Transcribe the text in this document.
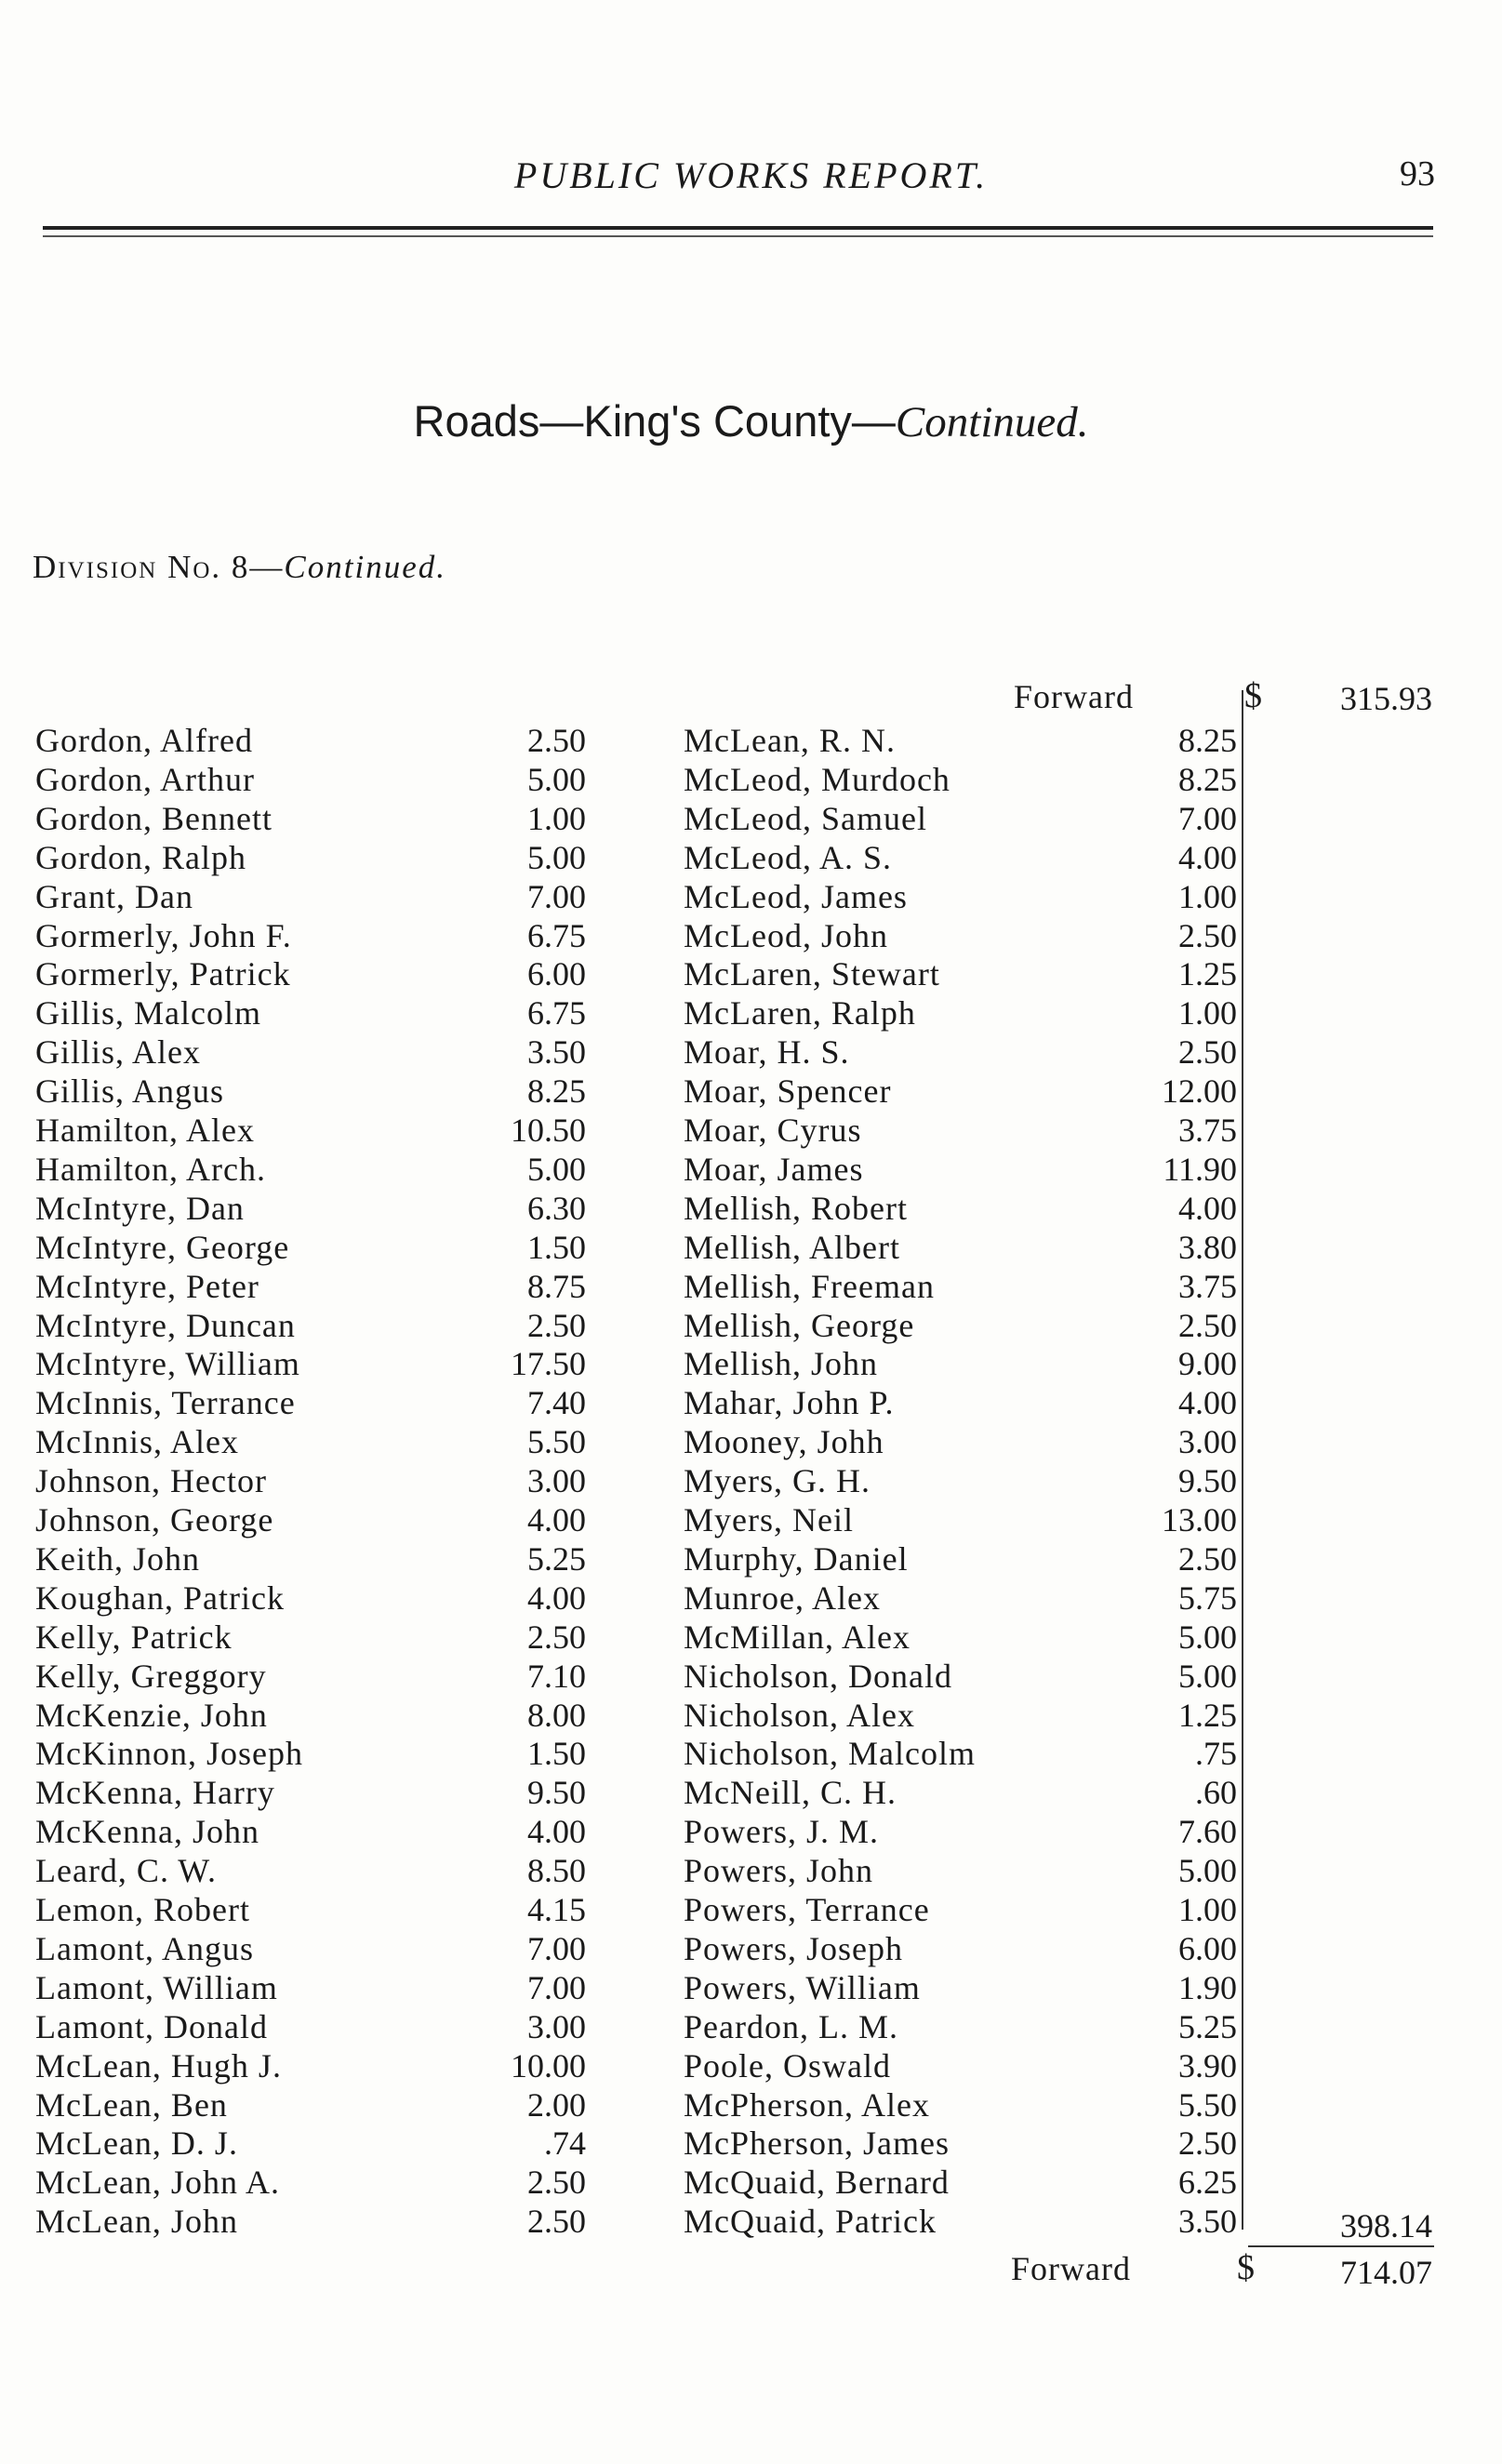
PUBLIC WORKS REPORT.	93
Roads—King's County—Continued.
Division No. 8—Continued.
Forward	$	315.93
Gordon, Alfred	2.50
Gordon, Arthur	5.00
Gordon, Bennett	1.00
Gordon, Ralph	5.00
Grant, Dan	7.00
Gormerly, John F.	6.75
Gormerly, Patrick	6.00
Gillis, Malcolm	6.75
Gillis, Alex	3.50
Gillis, Angus	8.25
Hamilton, Alex	10.50
Hamilton, Arch.	5.00
McIntyre, Dan	6.30
McIntyre, George	1.50
McIntyre, Peter	8.75
McIntyre, Duncan	2.50
McIntyre, William	17.50
McInnis, Terrance	7.40
McInnis, Alex	5.50
Johnson, Hector	3.00
Johnson, George	4.00
Keith, John	5.25
Koughan, Patrick	4.00
Kelly, Patrick	2.50
Kelly, Greggory	7.10
McKenzie, John	8.00
McKinnon, Joseph	1.50
McKenna, Harry	9.50
McKenna, John	4.00
Leard, C. W.	8.50
Lemon, Robert	4.15
Lamont, Angus	7.00
Lamont, William	7.00
Lamont, Donald	3.00
McLean, Hugh J.	10.00
McLean, Ben	2.00
McLean, D. J.	.74
McLean, John A.	2.50
McLean, John	2.50
McLean, R. N.	8.25
McLeod, Murdoch	8.25
McLeod, Samuel	7.00
McLeod, A. S.	4.00
McLeod, James	1.00
McLeod, John	2.50
McLaren, Stewart	1.25
McLaren, Ralph	1.00
Moar, H. S.	2.50
Moar, Spencer	12.00
Moar, Cyrus	3.75
Moar, James	11.90
Mellish, Robert	4.00
Mellish, Albert	3.80
Mellish, Freeman	3.75
Mellish, George	2.50
Mellish, John	9.00
Mahar, John P.	4.00
Mooney, Johh	3.00
Myers, G. H.	9.50
Myers, Neil	13.00
Murphy, Daniel	2.50
Munroe, Alex	5.75
McMillan, Alex	5.00
Nicholson, Donald	5.00
Nicholson, Alex	1.25
Nicholson, Malcolm	.75
McNeill, C. H.	.60
Powers, J. M.	7.60
Powers, John	5.00
Powers, Terrance	1.00
Powers, Joseph	6.00
Powers, William	1.90
Peardon, L. M.	5.25
Poole, Oswald	3.90
McPherson, Alex	5.50
McPherson, James	2.50
McQuaid, Bernard	6.25
McQuaid, Patrick	3.50	398.14
Forward	$	714.07
